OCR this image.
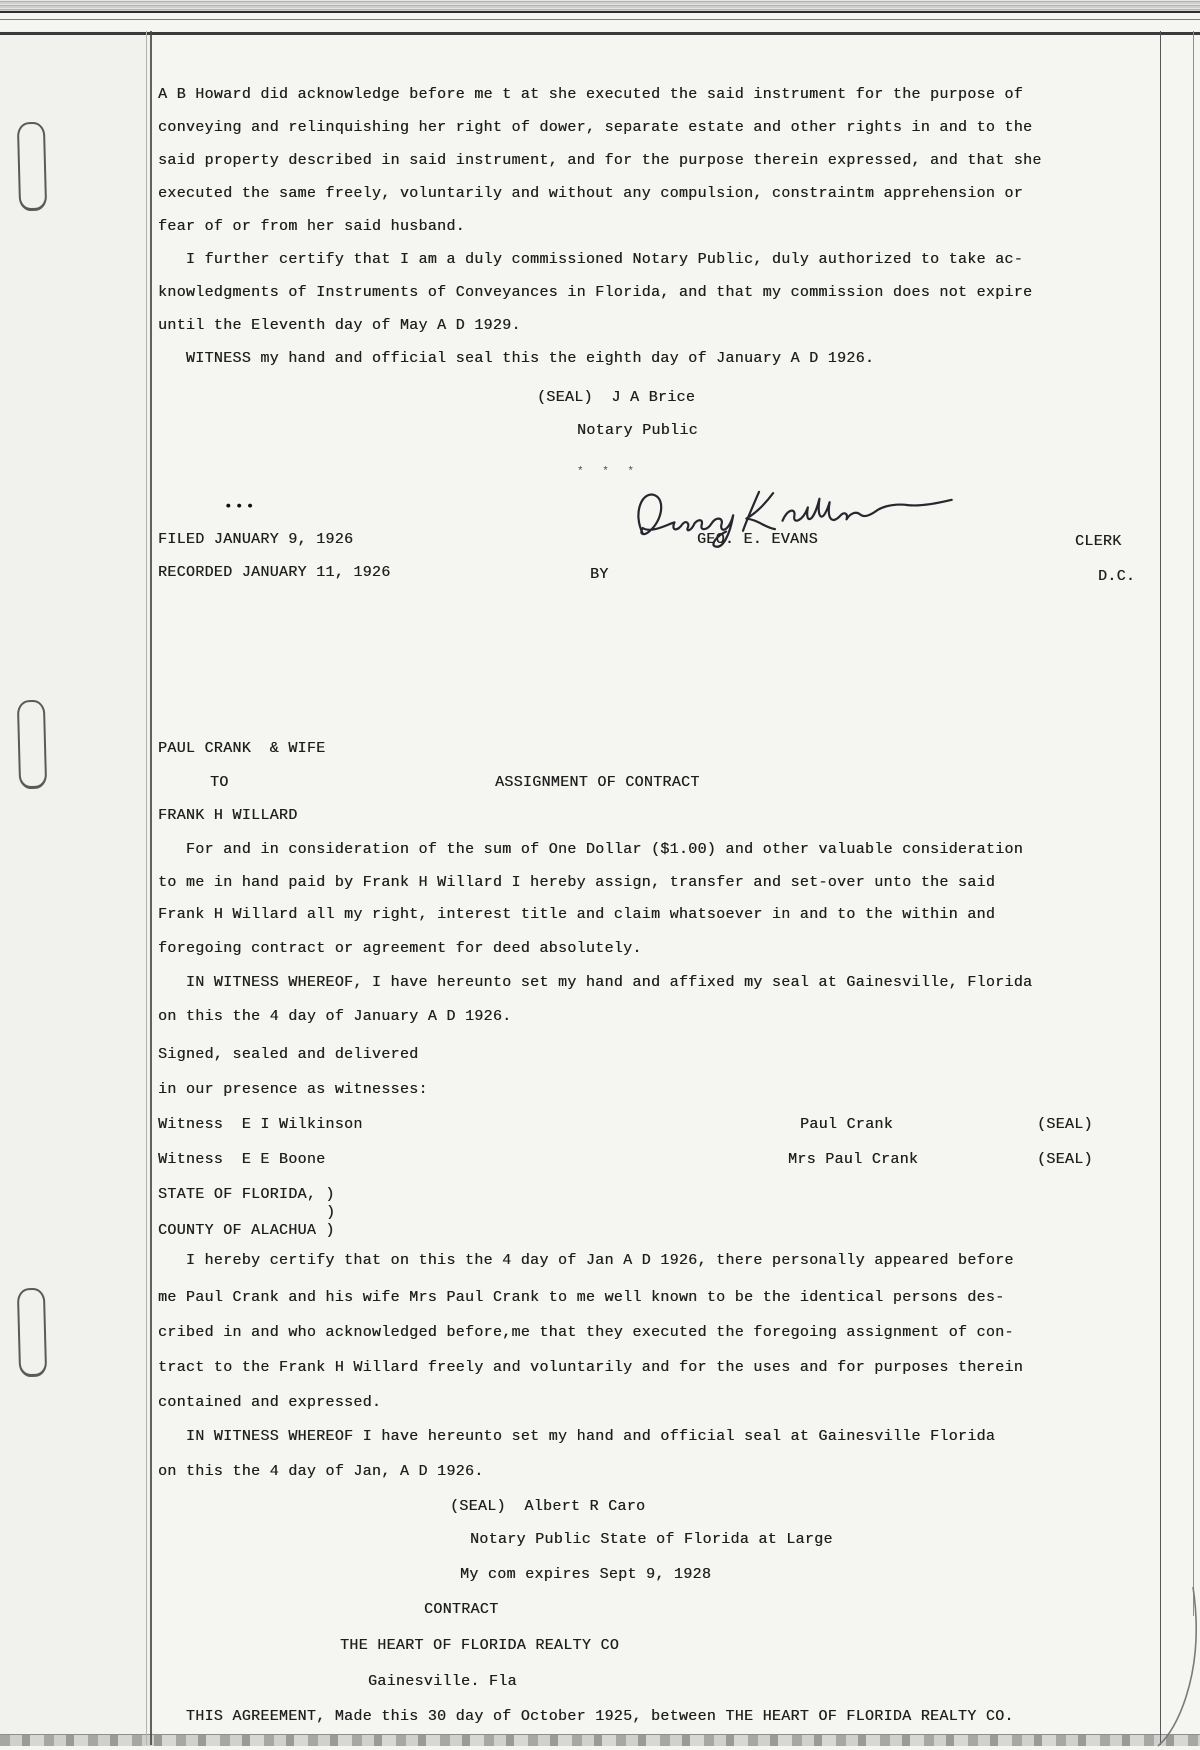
A B Howard did acknowledge before me t at she executed the said instrument for the purpose of
conveying and relinquishing her right of dower, separate estate and other rights in and to the
said property described in said instrument, and for the purpose therein expressed, and that she
executed the same freely, voluntarily and without any compulsion, constraintm apprehension or
fear of or from her said husband.
I further certify that I am a duly commissioned Notary Public, duly authorized to take ac-
knowledgments of Instruments of Conveyances in Florida, and that my commission does not expire
until the Eleventh day of May A D 1929.
WITNESS my hand and official seal this the eighth day of January A D 1926.
(SEAL)  J A Brice
Notary Public
* * *
•••
FILED JANUARY 9, 1926	GEO. E. EVANS	CLERK
RECORDED JANUARY 11, 1926	BY	D.C.
PAUL CRANK  & WIFE
TO	ASSIGNMENT OF CONTRACT
FRANK H WILLARD
For and in consideration of the sum of One Dollar ($1.00) and other valuable consideration
to me in hand paid by Frank H Willard I hereby assign, transfer and set-over unto the said
Frank H Willard all my right, interest title and claim whatsoever in and to the within and
foregoing contract or agreement for deed absolutely.
IN WITNESS WHEREOF, I have hereunto set my hand and affixed my seal at Gainesville, Florida
on this the 4 day of January A D 1926.
Signed, sealed and delivered
in our presence as witnesses:
Witness  E I Wilkinson	Paul Crank	(SEAL)
Witness  E E Boone	Mrs Paul Crank	(SEAL)
STATE OF FLORIDA, )
)
COUNTY OF ALACHUA )
I hereby certify that on this the 4 day of Jan A D 1926, there personally appeared before
me Paul Crank and his wife Mrs Paul Crank to me well known to be the identical persons des-
cribed in and who acknowledged before,me that they executed the foregoing assignment of con-
tract to the Frank H Willard freely and voluntarily and for the uses and for purposes therein
contained and expressed.
IN WITNESS WHEREOF I have hereunto set my hand and official seal at Gainesville Florida
on this the 4 day of Jan, A D 1926.
(SEAL)  Albert R Caro
Notary Public State of Florida at Large
My com expires Sept 9, 1928
CONTRACT
THE HEART OF FLORIDA REALTY CO
Gainesville. Fla
THIS AGREEMENT, Made this 30 day of October 1925, between THE HEART OF FLORIDA REALTY CO.
